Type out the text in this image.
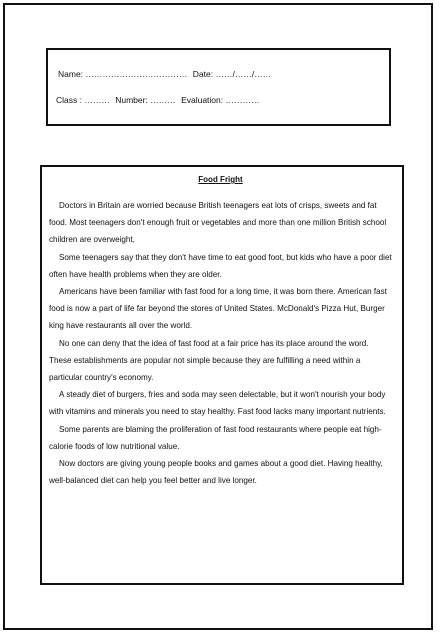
Name: ……………………………… Date: ……/……/……
Class : ……… Number: ……… Evaluation: …………
Food Fright

Doctors in Britain are worried because British teenagers eat lots of crisps, sweets and fat food. Most teenagers don't enough fruit or vegetables and more than one million British school children are overweight,

Some teenagers say that they don't have time to eat good foot, but kids who have a poor diet often have health problems when they are older.

Americans have been familiar with fast food for a long time, it was born there. American fast food is now a part of life far beyond the stores of United States. McDonald's Pizza Hut, Burger king have restaurants all over the world.

No one can deny that the idea of fast food at a fair price has its place around the word. These establishments are popular not simple because they are fulfilling a need within a particular country's economy.

A steady diet of burgers, fries and soda may seen delectable, but it won't nourish your body with vitamins and minerals you need to stay healthy. Fast food lacks many important nutrients.

Some parents are blaming the proliferation of fast food restaurants where people eat high-calorie foods of low nutritional value.

Now doctors are giving young people books and games about a good diet. Having healthy, well-balanced diet can help you feel better and live longer.
